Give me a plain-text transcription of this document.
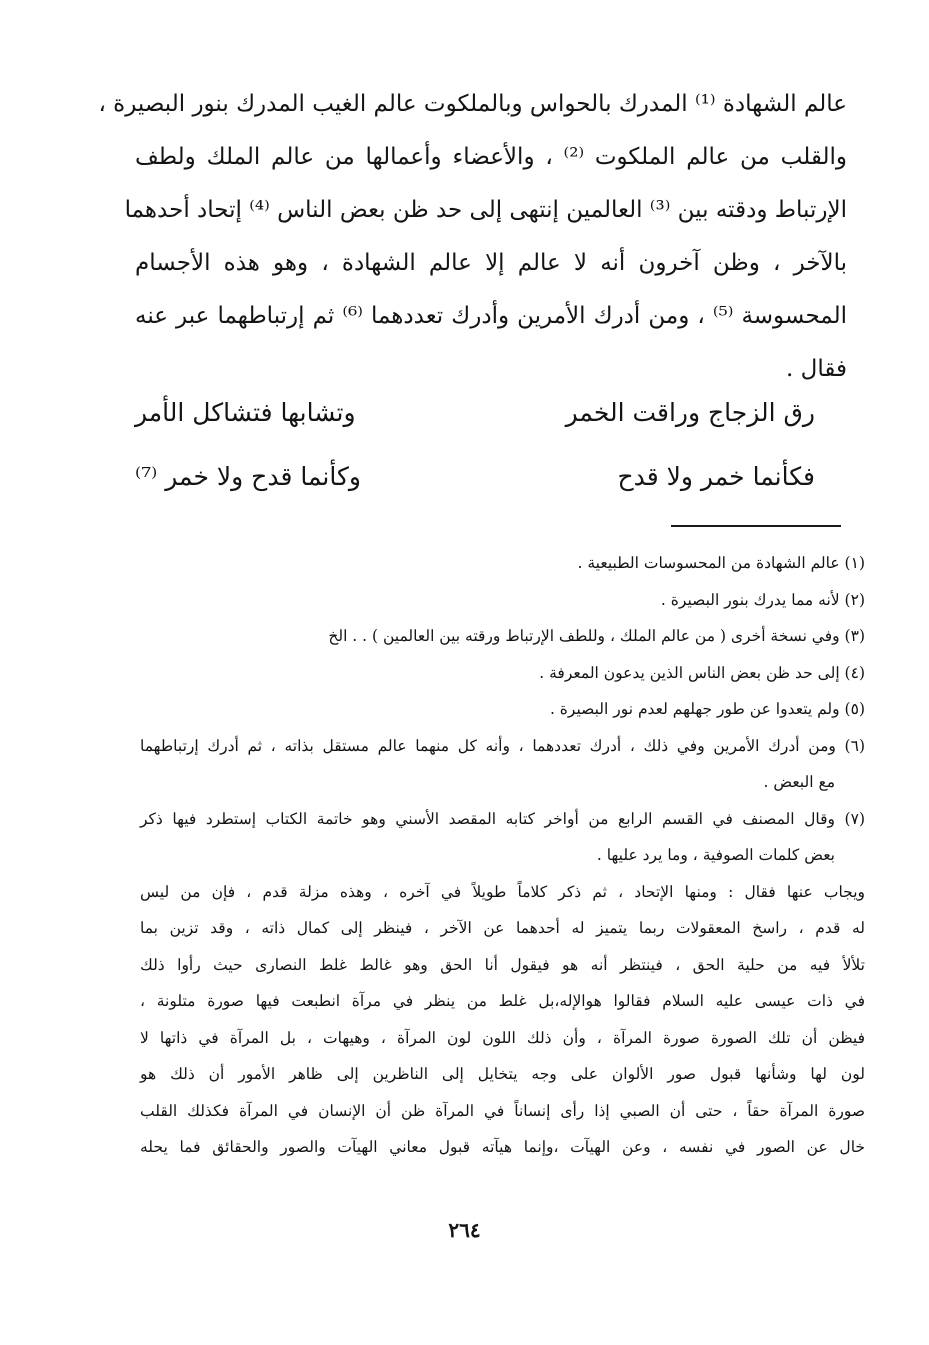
عالم الشهادة ⁽¹⁾ المدرك بالحواس وبالملكوت عالم الغيب المدرك بنور البصيرة ،
والقلب من عالم الملكوت ⁽²⁾ ، والأعضاء وأعمالها من عالم الملك ولطف
الإرتباط ودقته بين ⁽³⁾ العالمين إنتهى إلى حد ظن بعض الناس ⁽⁴⁾ إتحاد أحدهما
بالآخر ، وظن آخرون أنه لا عالم إلا عالم الشهادة ، وهو هذه الأجسام
المحسوسة ⁽⁵⁾ ، ومن أدرك الأمرين وأدرك تعددهما ⁽⁶⁾ ثم إرتباطهما عبر عنه
فقال .
رق الزجاج وراقت الخمر
وتشابها فتشاكل الأمر
فكأنما خمر ولا قدح
وكأنما قدح ولا خمر ⁽⁷⁾
(١) عالم الشهادة من المحسوسات الطبيعية .
(٢) لأنه مما يدرك بنور البصيرة .
(٣) وفي نسخة أخرى ( من عالم الملك ، وللطف الإرتباط ورقته بين العالمين ) . . الخ
(٤) إلى حد ظن بعض الناس الذين يدعون المعرفة .
(٥) ولم يتعدوا عن طور جهلهم لعدم نور البصيرة .
(٦) ومن أدرك الأمرين وفي ذلك ، أدرك تعددهما ، وأنه كل منهما عالم مستقل بذاته ، ثم أدرك إرتباطهما
مع البعض .
(٧) وقال المصنف في القسم الرابع من أواخر كتابه المقصد الأسني وهو خاتمة الكتاب إستطرد فيها ذكر
بعض كلمات الصوفية ، وما يرد عليها .
ويجاب عنها فقال : ومنها الإتحاد ، ثم ذكر كلاماً طويلاً في آخره ، وهذه مزلة قدم ، فإن من ليس
له قدم ، راسخ المعقولات ربما يتميز له أحدهما عن الآخر ، فينظر إلى كمال ذاته ، وقد تزين بما
تلألأ فيه من حلية الحق ، فينتظر أنه هو فيقول أنا الحق وهو غالط غلط النصارى حيث رأوا ذلك
في ذات عيسى عليه السلام فقالوا هوالإله،بل غلط من ينظر في مرآة انطبعت فيها صورة متلونة ،
فيظن أن تلك الصورة صورة المرآة ، وأن ذلك اللون لون المرآة ، وهيهات ، بل المرآة في ذاتها لا
لون لها وشأنها قبول صور الألوان على وجه يتخايل إلى الناظرين إلى ظاهر الأمور أن ذلك هو
صورة المرآة حقاً ، حتى أن الصبي إذا رأى إنساناً في المرآة ظن أن الإنسان في المرآة فكذلك القلب
خال عن الصور في نفسه ، وعن الهيآت ،وإنما هيآته قبول معاني الهيآت والصور والحقائق فما يحله
٢٦٤
